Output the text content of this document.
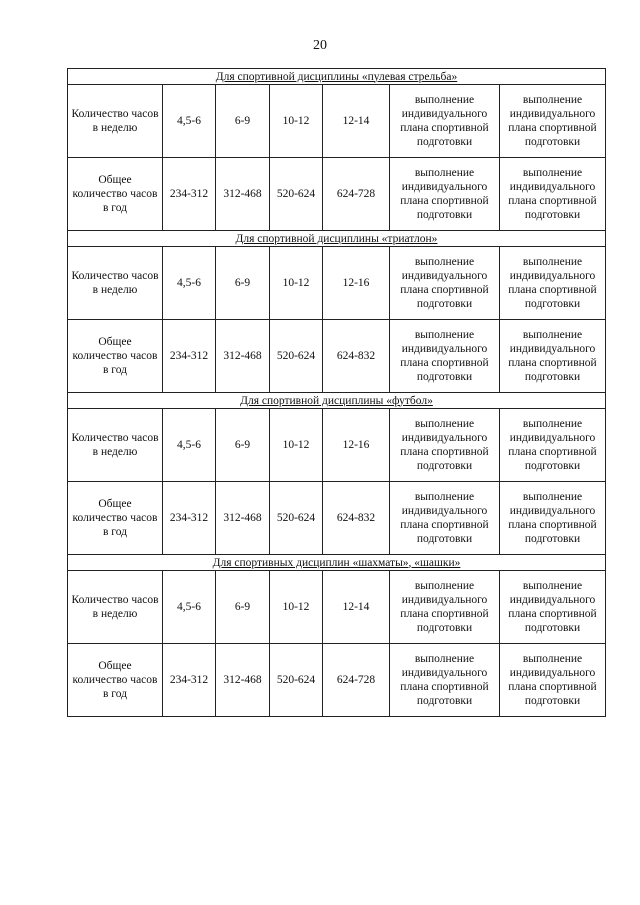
20
Для спортивной дисциплины «пулевая стрельба»						
Количество часов в неделю	4,5-6	6-9	10-12	12-14	выполнение индивидуального плана спортивной подготовки	выполнение индивидуального плана спортивной подготовки
Общее количество часов в год	234-312	312-468	520-624	624-728	выполнение индивидуального плана спортивной подготовки	выполнение индивидуального плана спортивной подготовки
Для спортивной дисциплины «триатлон»						
Количество часов в неделю	4,5-6	6-9	10-12	12-16	выполнение индивидуального плана спортивной подготовки	выполнение индивидуального плана спортивной подготовки
Общее количество часов в год	234-312	312-468	520-624	624-832	выполнение индивидуального плана спортивной подготовки	выполнение индивидуального плана спортивной подготовки
Для спортивной дисциплины «футбол»						
Количество часов в неделю	4,5-6	6-9	10-12	12-16	выполнение индивидуального плана спортивной подготовки	выполнение индивидуального плана спортивной подготовки
Общее количество часов в год	234-312	312-468	520-624	624-832	выполнение индивидуального плана спортивной подготовки	выполнение индивидуального плана спортивной подготовки
Для спортивных дисциплин «шахматы», «шашки»						
Количество часов в неделю	4,5-6	6-9	10-12	12-14	выполнение индивидуального плана спортивной подготовки	выполнение индивидуального плана спортивной подготовки
Общее количество часов в год	234-312	312-468	520-624	624-728	выполнение индивидуального плана спортивной подготовки	выполнение индивидуального плана спортивной подготовки
